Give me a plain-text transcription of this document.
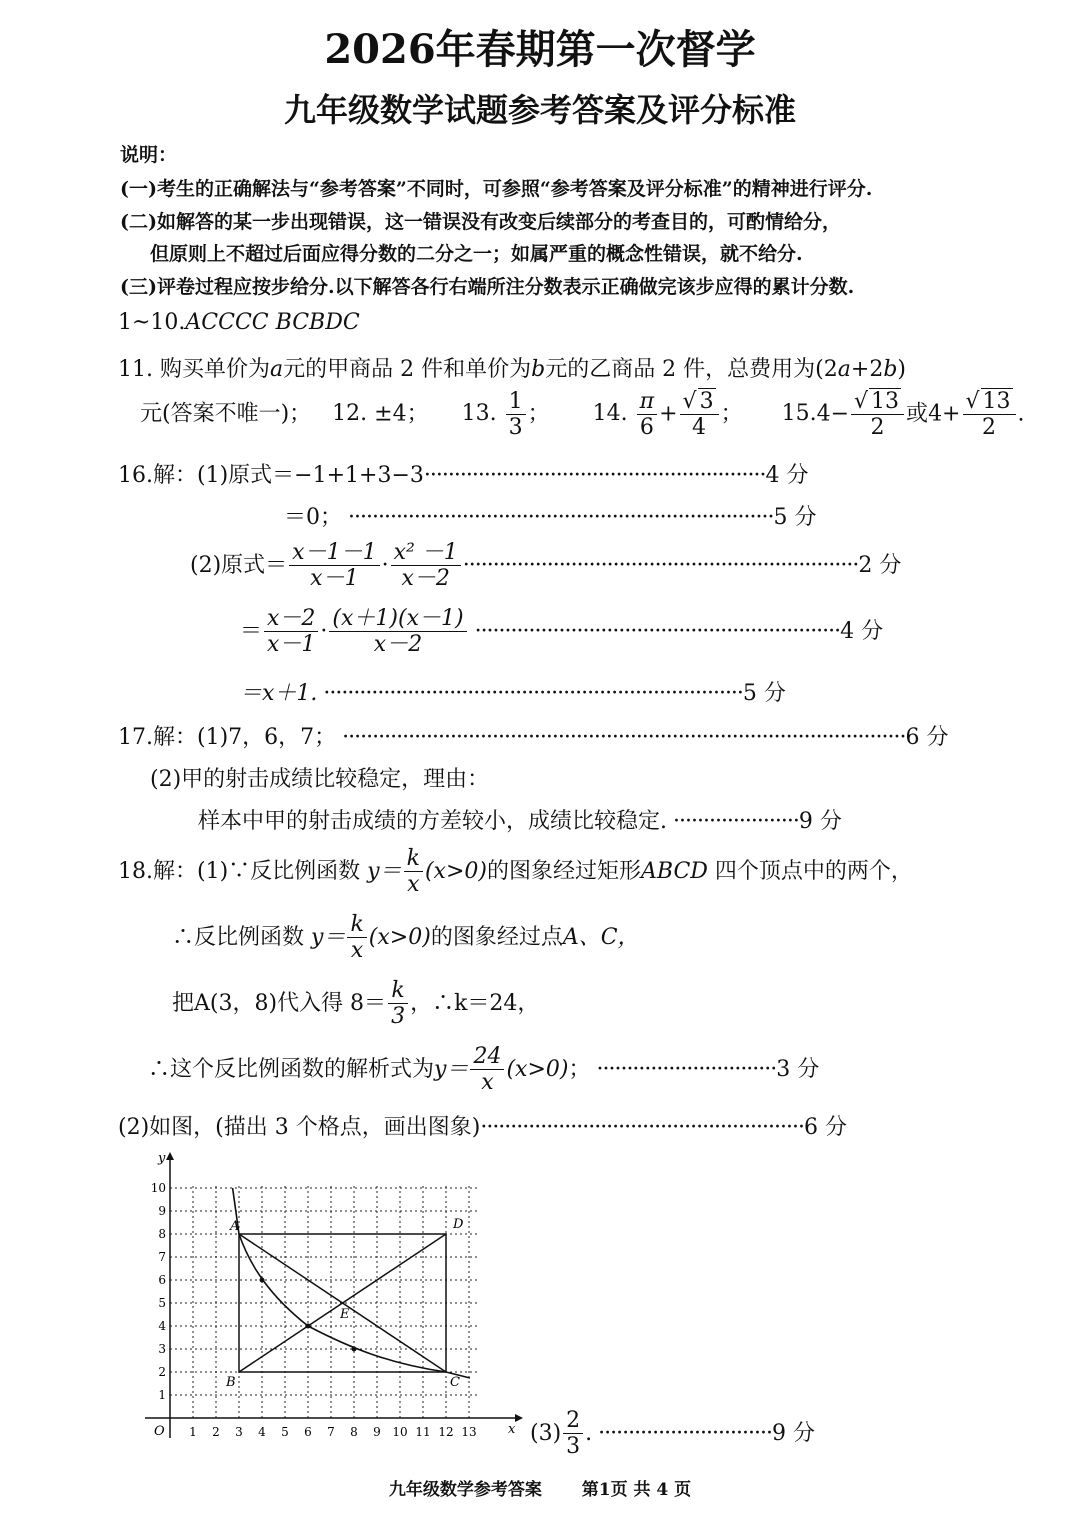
2026年春期第一次督学
九年级数学试题参考答案及评分标准
说明：
(一)考生的正确解法与“参考答案”不同时，可参照“参考答案及评分标准”的精神进行评分.
(二)如解答的某一步出现错误，这一错误没有改变后续部分的考查目的，可酌情给分，
但原则上不超过后面应得分数的二分之一；如属严重的概念性错误，就不给分.
(三)评卷过程应按步给分.以下解答各行右端所注分数表示正确做完该步应得的累计分数.
1~10.ACCCC BCBDC
11. 购买单价为a元的甲商品 2 件和单价为b元的乙商品 2 件，总费用为(2a+2b)
元(答案不唯一)； 12. ±4； 13. $\frac{1}{3}$ ； 14. $\frac{\pi}{6} + \frac{√ 3}{4}$ ； $15.4- \frac{√ 13}{2}$ 或$4+ \frac{√ 13}{2}$ .
16.解：(1)原式＝−1+1+3−3·························································4 分
＝0； ·······································································5 分
(2)原式＝ $\frac{x-1-1}{x-1} \cdot \frac{\text{x² －1}}{x-2} \cdot\cdot\cdot\cdot\cdot\cdot\cdot\cdot\cdot\cdot\cdot\cdot\cdot\cdot\cdot\cdot\cdot\cdot\cdot\cdot\cdot\cdot\cdot\cdot\cdot\cdot\cdot\cdot\cdot\cdot\cdot\cdot\cdot\cdot\cdot\cdot\cdot\cdot\cdot\cdot\cdot\cdot\cdot\cdot\cdot\cdot\cdot\cdot\cdot\cdot\cdot\cdot\cdot\cdot\cdot\cdot\cdot\cdot\cdot\cdot\cdot\cdot\cdot\cdot\cdot\cdot 2$ 分
＝ $\frac{x-2}{x-1} \cdot \frac{(x+1)(x-1)}{x-2} \cdot\cdot\cdot\cdot\cdot\cdot\cdot\cdot\cdot\cdot\cdot\cdot\cdot\cdot\cdot\cdot\cdot\cdot\cdot\cdot\cdot\cdot\cdot\cdot\cdot\cdot\cdot\cdot\cdot\cdot\cdot\cdot\cdot\cdot\cdot\cdot\cdot\cdot\cdot\cdot\cdot\cdot\cdot\cdot\cdot\cdot\cdot\cdot\cdot\cdot\cdot\cdot\cdot\cdot\cdot\cdot\cdot\cdot\cdot\cdot\cdot 4$ 分
＝x＋1. ······································································5 分
17.解：(1)7，6，7； ······························································································6 分
(2)甲的射击成绩比较稳定，理由：
样本中甲的射击成绩的方差较小，成绩比较稳定. ·····················9 分
18.解：(1)∵反比例函数 $y= \frac{k}{x} (x>0)$的图象经过矩形ABCD 四个顶点中的两个，
∴反比例函数 $y= \frac{k}{x} (x>0)$的图象经过点A、C，
把A(3，8)代入得 $8= \frac{k}{3}$ ，∴k＝24，
∴这个反比例函数的解析式为$y= \frac{24}{x} (x>0)$； ······························3 分
(2)如图，(描出 3 个格点，画出图象)······················································6 分
A
B	C
D
E
y
x
O 1 2 3 4 5 6 7 8 9 10 11 12 13
1
2
3
4
5
6
7
8
9
10
$(3) \frac{2}{3}$ . ·····························9 分
九年级数学参考答案 第1页 共 4 页
